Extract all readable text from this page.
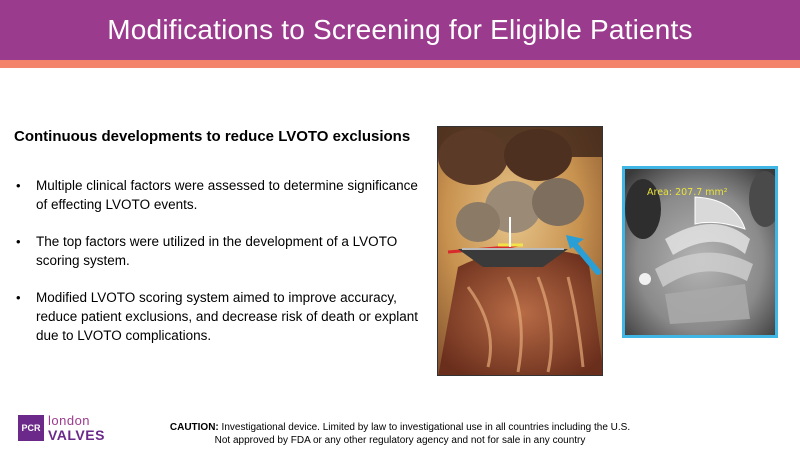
Modifications to Screening for Eligible Patients
Continuous developments to reduce LVOTO exclusions
• Multiple clinical factors were assessed to determine significance of effecting LVOTO events.
• The top factors were utilized in the development of a LVOTO scoring system.
• Modified LVOTO scoring system aimed to improve accuracy, reduce patient exclusions, and decrease risk of death or explant due to LVOTO complications.
Area: 207.7 mm²
PCR london
VALVES	CAUTION: Investigational device. Limited by law to investigational use in all countries including the U.S.
Not approved by FDA or any other regulatory agency and not for sale in any country
